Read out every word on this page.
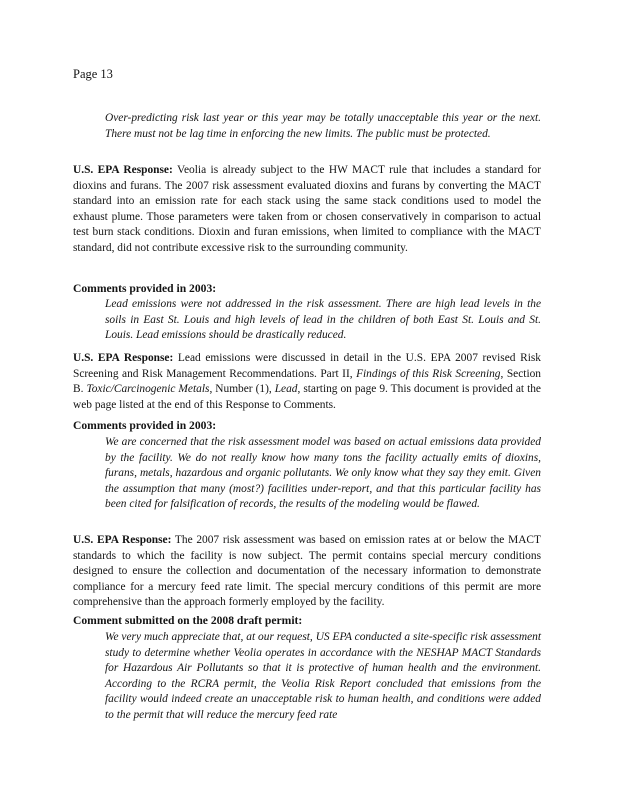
Page 13
Over-predicting risk last year or this year may be totally unacceptable this year or the next. There must not be lag time in enforcing the new limits. The public must be protected.
U.S. EPA Response: Veolia is already subject to the HW MACT rule that includes a standard for dioxins and furans. The 2007 risk assessment evaluated dioxins and furans by converting the MACT standard into an emission rate for each stack using the same stack conditions used to model the exhaust plume. Those parameters were taken from or chosen conservatively in comparison to actual test burn stack conditions. Dioxin and furan emissions, when limited to compliance with the MACT standard, did not contribute excessive risk to the surrounding community.
Comments provided in 2003:
Lead emissions were not addressed in the risk assessment. There are high lead levels in the soils in East St. Louis and high levels of lead in the children of both East St. Louis and St. Louis. Lead emissions should be drastically reduced.
U.S. EPA Response: Lead emissions were discussed in detail in the U.S. EPA 2007 revised Risk Screening and Risk Management Recommendations. Part II, Findings of this Risk Screening, Section B. Toxic/Carcinogenic Metals, Number (1), Lead, starting on page 9. This document is provided at the web page listed at the end of this Response to Comments.
Comments provided in 2003:
We are concerned that the risk assessment model was based on actual emissions data provided by the facility. We do not really know how many tons the facility actually emits of dioxins, furans, metals, hazardous and organic pollutants. We only know what they say they emit. Given the assumption that many (most?) facilities under-report, and that this particular facility has been cited for falsification of records, the results of the modeling would be flawed.
U.S. EPA Response: The 2007 risk assessment was based on emission rates at or below the MACT standards to which the facility is now subject. The permit contains special mercury conditions designed to ensure the collection and documentation of the necessary information to demonstrate compliance for a mercury feed rate limit. The special mercury conditions of this permit are more comprehensive than the approach formerly employed by the facility.
Comment submitted on the 2008 draft permit:
We very much appreciate that, at our request, US EPA conducted a site-specific risk assessment study to determine whether Veolia operates in accordance with the NESHAP MACT Standards for Hazardous Air Pollutants so that it is protective of human health and the environment. According to the RCRA permit, the Veolia Risk Report concluded that emissions from the facility would indeed create an unacceptable risk to human health, and conditions were added to the permit that will reduce the mercury feed rate
